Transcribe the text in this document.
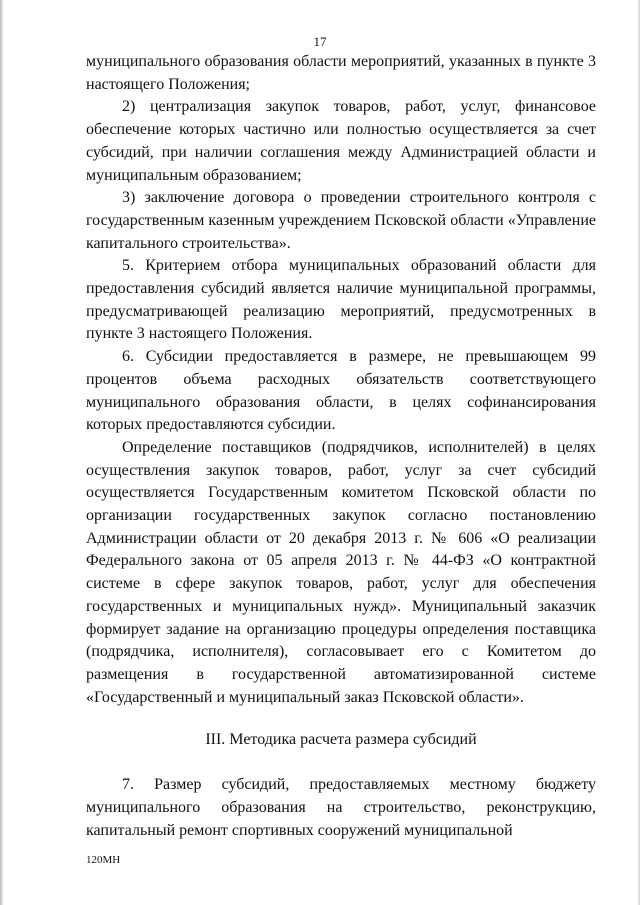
17

муниципального образования области мероприятий, указанных в пункте 3 настоящего Положения;

2) централизация закупок товаров, работ, услуг, финансовое обеспечение которых частично или полностью осуществляется за счет субсидий, при наличии соглашения между Администрацией области и муниципальным образованием;

3) заключение договора о проведении строительного контроля с государственным казенным учреждением Псковской области «Управление капитального строительства».

5. Критерием отбора муниципальных образований области для предоставления субсидий является наличие муниципальной программы, предусматривающей реализацию мероприятий, предусмотренных в пункте 3 настоящего Положения.

6. Субсидии предоставляется в размере, не превышающем 99 процентов объема расходных обязательств соответствующего муниципального образования области, в целях софинансирования которых предоставляются субсидии.

Определение поставщиков (подрядчиков, исполнителей) в целях осуществления закупок товаров, работ, услуг за счет субсидий осуществляется Государственным комитетом Псковской области по организации государственных закупок согласно постановлению Администрации области от 20 декабря 2013 г. № 606 «О реализации Федерального закона от 05 апреля 2013 г. № 44-ФЗ «О контрактной системе в сфере закупок товаров, работ, услуг для обеспечения государственных и муниципальных нужд». Муниципальный заказчик формирует задание на организацию процедуры определения поставщика (подрядчика, исполнителя), согласовывает его с Комитетом до размещения в государственной автоматизированной системе «Государственный и муниципальный заказ Псковской области».

III. Методика расчета размера субсидий

7. Размер субсидий, предоставляемых местному бюджету муниципального образования на строительство, реконструкцию, капитальный ремонт спортивных сооружений муниципальной

120МН
